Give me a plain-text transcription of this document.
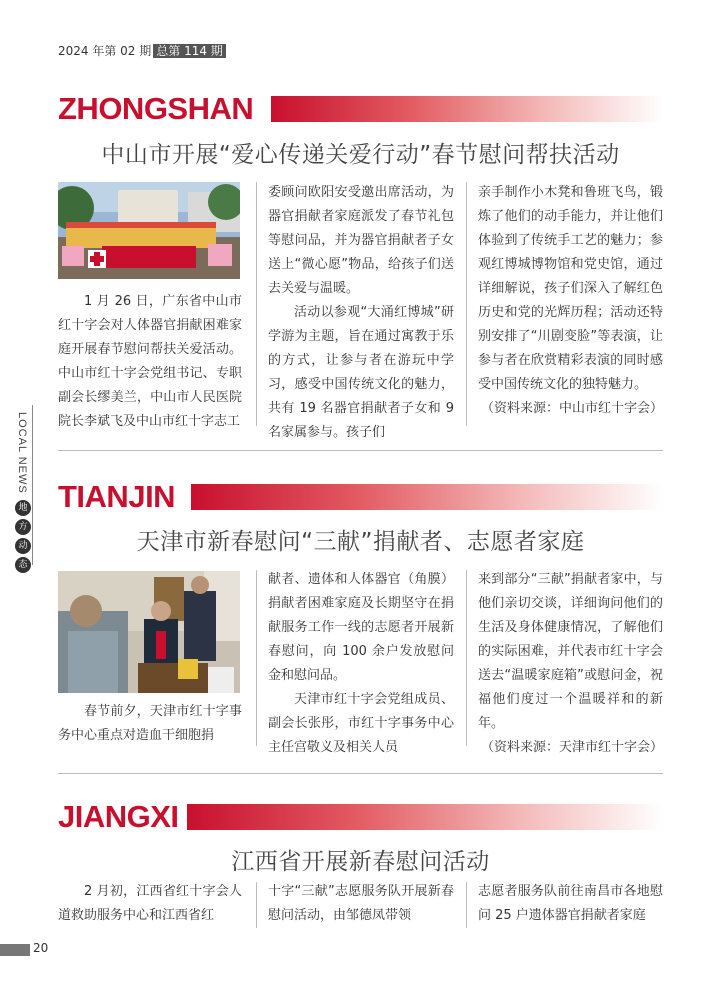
2024 年第 02 期 总第 114 期
LOCAL NEWS
地
方
动
态
ZHONGSHAN
中山市开展“爱心传递关爱行动”春节慰问帮扶活动

1 月 26 日，广东省中山市红十字会对人体器官捐献困难家庭开展春节慰问帮扶关爱活动。中山市红十字会党组书记、专职副会长缪美兰，中山市人民医院院长李斌飞及中山市红十字志工

委顾问欧阳安受邀出席活动，为器官捐献者家庭派发了春节礼包等慰问品，并为器官捐献者子女送上“微心愿”物品，给孩子们送去关爱与温暖。

活动以参观“大涌红博城”研学游为主题，旨在通过寓教于乐的方式，让参与者在游玩中学习，感受中国传统文化的魅力，共有 19 名器官捐献者子女和 9 名家属参与。孩子们

亲手制作小木凳和鲁班飞鸟，锻炼了他们的动手能力，并让他们体验到了传统手工艺的魅力；参观红博城博物馆和党史馆，通过详细解说，孩子们深入了解红色历史和党的光辉历程；活动还特别安排了“川剧变脸”等表演，让参与者在欣赏精彩表演的同时感受中国传统文化的独特魅力。

（资料来源：中山市红十字会）

TIANJIN
天津市新春慰问“三献”捐献者、志愿者家庭

春节前夕，天津市红十字事务中心重点对造血干细胞捐

献者、遗体和人体器官（角膜）捐献者困难家庭及长期坚守在捐献服务工作一线的志愿者开展新春慰问，向 100 余户发放慰问金和慰问品。

天津市红十字会党组成员、副会长张彤，市红十字事务中心主任宫敬义及相关人员

来到部分“三献”捐献者家中，与他们亲切交谈，详细询问他们的生活及身体健康情况，了解他们的实际困难，并代表市红十字会送去“温暖家庭箱”或慰问金，祝福他们度过一个温暖祥和的新年。

（资料来源：天津市红十字会）

JIANGXI
江西省开展新春慰问活动

2 月初，江西省红十字会人道救助服务中心和江西省红

十字“三献”志愿服务队开展新春慰问活动，由邹德凤带领

志愿者服务队前往南昌市各地慰问 25 户遗体器官捐献者家庭

20
